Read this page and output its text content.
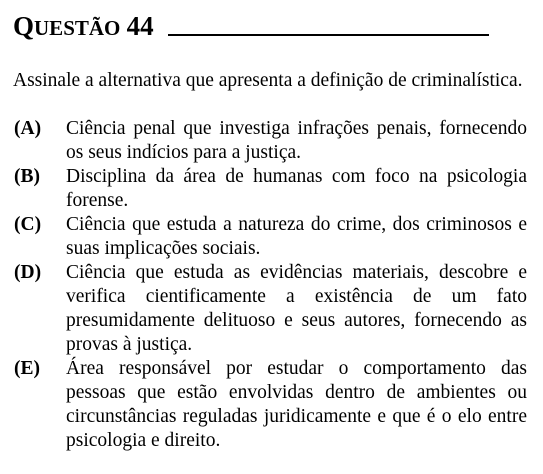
QUESTÃO 44
Assinale a alternativa que apresenta a definição de criminalística.
(A)	Ciência penal que investiga infrações penais, fornecendo os seus indícios para a justiça.
(B)	Disciplina da área de humanas com foco na psicologia forense.
(C)	Ciência que estuda a natureza do crime, dos criminosos e suas implicações sociais.
(D)	Ciência que estuda as evidências materiais, descobre e verifica cientificamente a existência de um fato presumidamente delituoso e seus autores, fornecendo as provas à justiça.
(E)	Área responsável por estudar o comportamento das pessoas que estão envolvidas dentro de ambientes ou circunstâncias reguladas juridicamente e que é o elo entre psicologia e direito.
